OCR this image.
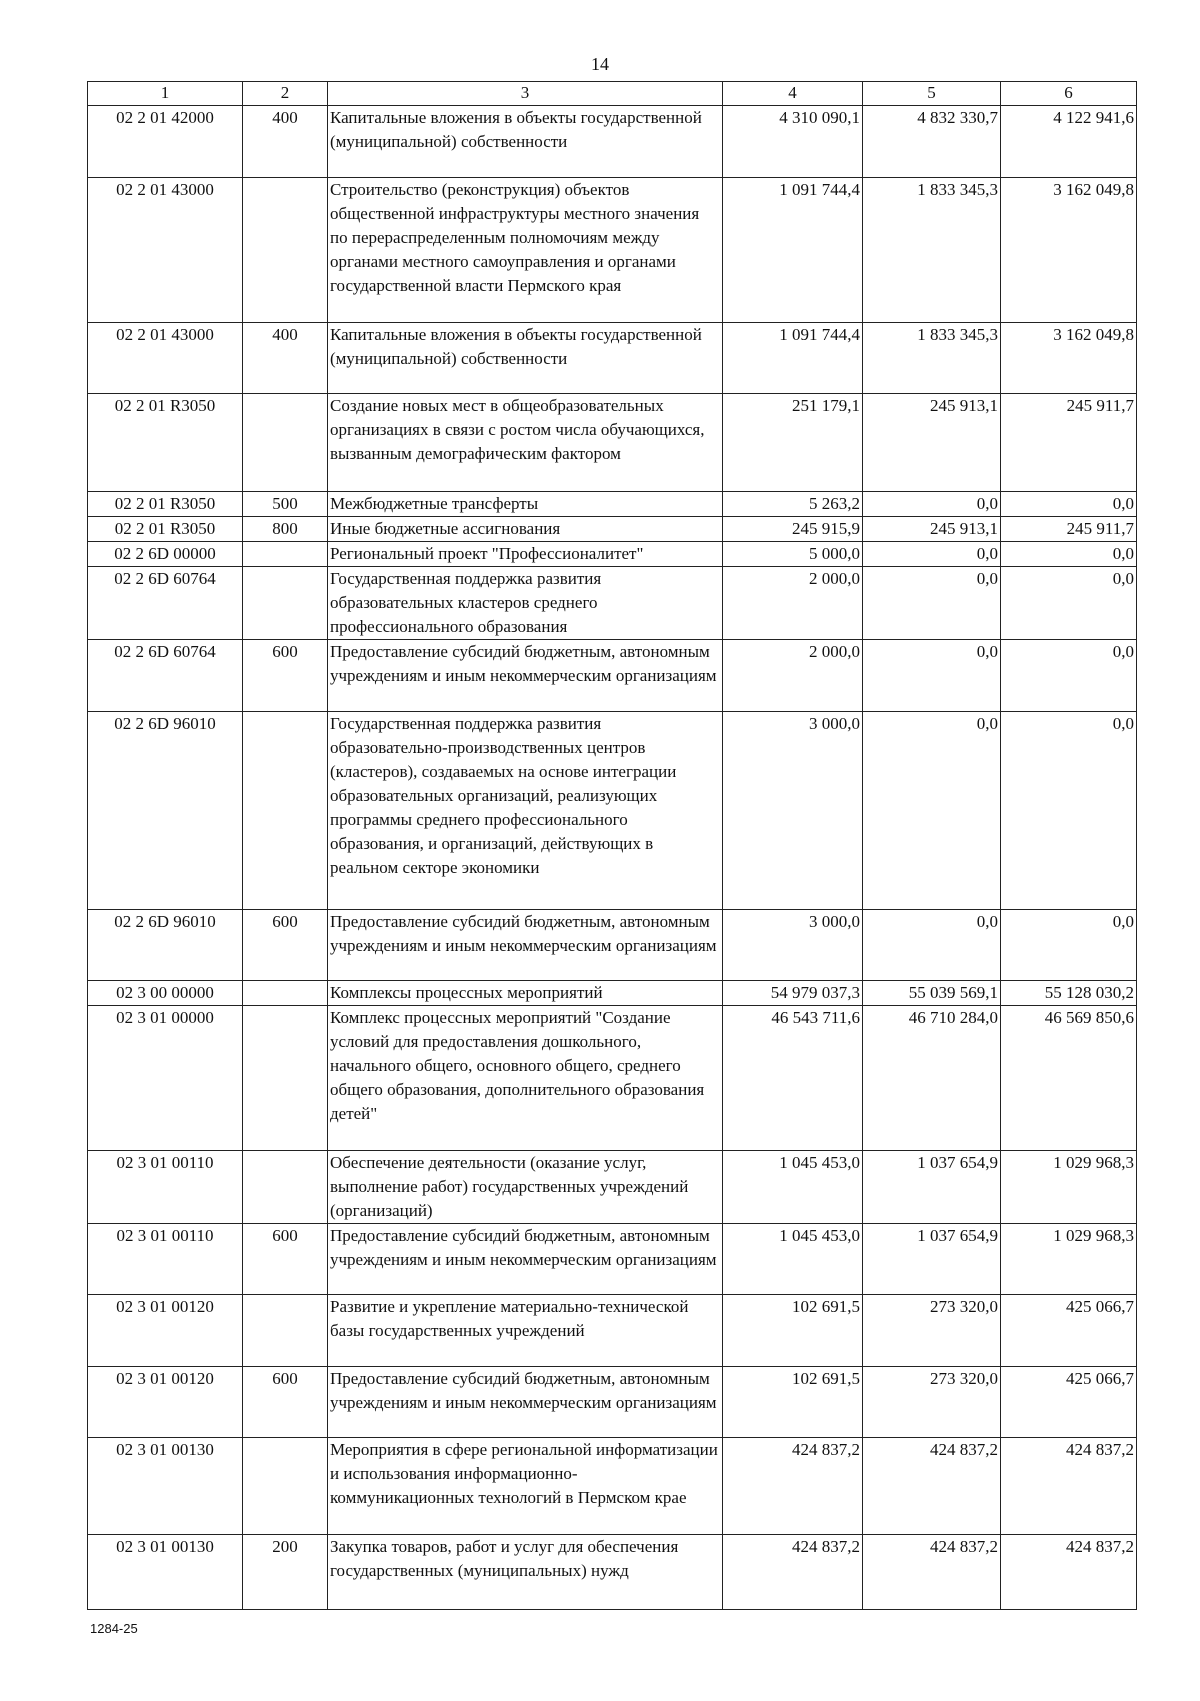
14
1	2	3	4	5	6
02 2 01 42000	400	Капитальные вложения в объекты государственной (муниципальной) собственности	4 310 090,1	4 832 330,7	4 122 941,6
02 2 01 43000		Строительство (реконструкция) объектов общественной инфраструктуры местного значения по перераспределенным полномочиям между органами местного самоуправления и органами государственной власти Пермского края	1 091 744,4	1 833 345,3	3 162 049,8
02 2 01 43000	400	Капитальные вложения в объекты государственной (муниципальной) собственности	1 091 744,4	1 833 345,3	3 162 049,8
02 2 01 R3050		Создание новых мест в общеобразовательных организациях в связи с ростом числа обучающихся, вызванным демографическим фактором	251 179,1	245 913,1	245 911,7
02 2 01 R3050	500	Межбюджетные трансферты	5 263,2	0,0	0,0
02 2 01 R3050	800	Иные бюджетные ассигнования	245 915,9	245 913,1	245 911,7
02 2 6D 00000		Региональный проект "Профессионалитет"	5 000,0	0,0	0,0
02 2 6D 60764		Государственная поддержка развития образовательных кластеров среднего профессионального образования	2 000,0	0,0	0,0
02 2 6D 60764	600	Предоставление субсидий бюджетным, автономным учреждениям и иным некоммерческим организациям	2 000,0	0,0	0,0
02 2 6D 96010		Государственная поддержка развития образовательно-производственных центров (кластеров), создаваемых на основе интеграции образовательных организаций, реализующих программы среднего профессионального образования, и организаций, действующих в реальном секторе экономики	3 000,0	0,0	0,0
02 2 6D 96010	600	Предоставление субсидий бюджетным, автономным учреждениям и иным некоммерческим организациям	3 000,0	0,0	0,0
02 3 00 00000		Комплексы процессных мероприятий	54 979 037,3	55 039 569,1	55 128 030,2
02 3 01 00000		Комплекс процессных мероприятий "Создание условий для предоставления дошкольного, начального общего, основного общего, среднего общего образования, дополнительного образования детей"	46 543 711,6	46 710 284,0	46 569 850,6
02 3 01 00110		Обеспечение деятельности (оказание услуг, выполнение работ) государственных учреждений (организаций)	1 045 453,0	1 037 654,9	1 029 968,3
02 3 01 00110	600	Предоставление субсидий бюджетным, автономным учреждениям и иным некоммерческим организациям	1 045 453,0	1 037 654,9	1 029 968,3
02 3 01 00120		Развитие и укрепление материально-технической базы государственных учреждений	102 691,5	273 320,0	425 066,7
02 3 01 00120	600	Предоставление субсидий бюджетным, автономным учреждениям и иным некоммерческим организациям	102 691,5	273 320,0	425 066,7
02 3 01 00130		Мероприятия в сфере региональной информатизации и использования информационно-коммуникационных технологий в Пермском крае	424 837,2	424 837,2	424 837,2
02 3 01 00130	200	Закупка товаров, работ и услуг для обеспечения государственных (муниципальных) нужд	424 837,2	424 837,2	424 837,2
1284-25
